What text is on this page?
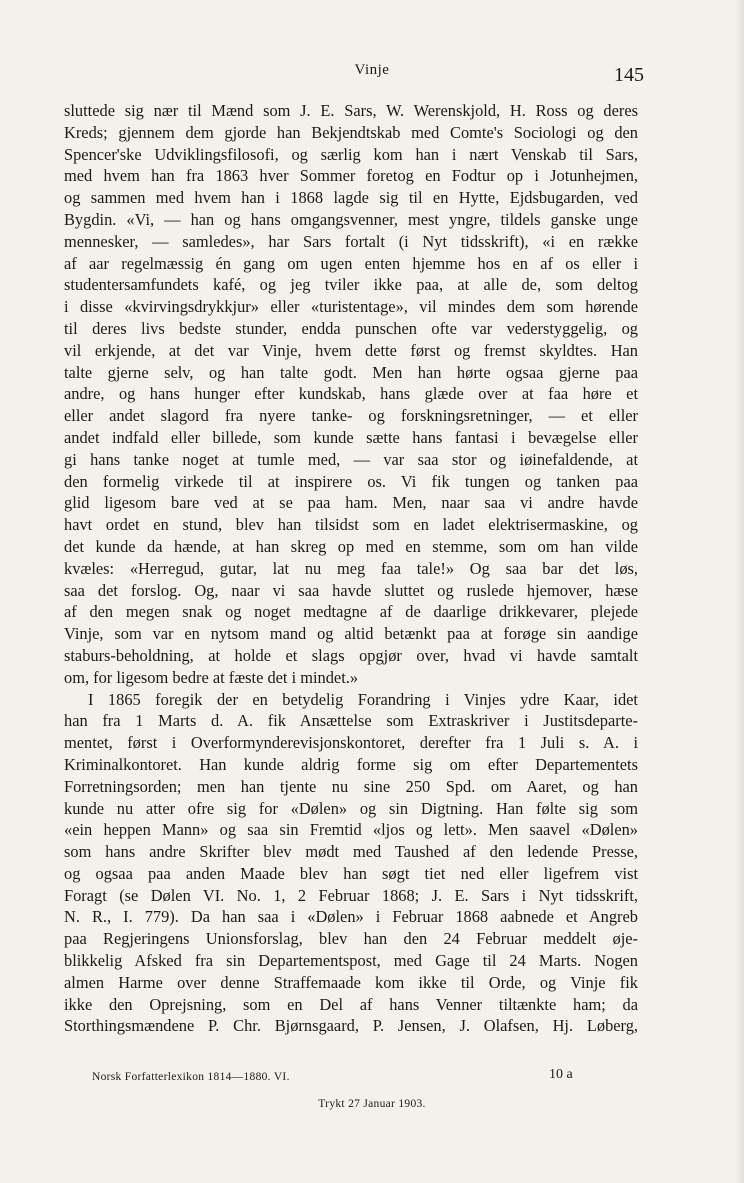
Vinje	145
sluttede sig nær til Mænd som J. E. Sars, W. Werenskjold, H. Ross og deres
Kreds; gjennem dem gjorde han Bekjendtskab med Comte's Sociologi og den
Spencer'ske Udviklingsfilosofi, og særlig kom han i nært Venskab til Sars,
med hvem han fra 1863 hver Sommer foretog en Fodtur op i Jotunhejmen,
og sammen med hvem han i 1868 lagde sig til en Hytte, Ejdsbugarden, ved
Bygdin. «Vi, — han og hans omgangsvenner, mest yngre, tildels ganske unge
mennesker, — samledes», har Sars fortalt (i Nyt tidsskrift), «i en række
af aar regelmæssig én gang om ugen enten hjemme hos en af os eller i
studentersamfundets kafé, og jeg tviler ikke paa, at alle de, som deltog
i disse «kvirvingsdrykkjur» eller «turistentage», vil mindes dem som hørende
til deres livs bedste stunder, endda punschen ofte var vederstyggelig, og
vil erkjende, at det var Vinje, hvem dette først og fremst skyldtes. Han
talte gjerne selv, og han talte godt. Men han hørte ogsaa gjerne paa
andre, og hans hunger efter kundskab, hans glæde over at faa høre et
eller andet slagord fra nyere tanke- og forskningsretninger, — et eller
andet indfald eller billede, som kunde sætte hans fantasi i bevægelse eller
gi hans tanke noget at tumle med, — var saa stor og iøinefaldende, at
den formelig virkede til at inspirere os. Vi fik tungen og tanken paa
glid ligesom bare ved at se paa ham. Men, naar saa vi andre havde
havt ordet en stund, blev han tilsidst som en ladet elektrisermaskine, og
det kunde da hænde, at han skreg op med en stemme, som om han vilde
kvæles: «Herregud, gutar, lat nu meg faa tale!» Og saa bar det løs,
saa det forslog. Og, naar vi saa havde sluttet og ruslede hjemover, hæse
af den megen snak og noget medtagne af de daarlige drikkevarer, plejede
Vinje, som var en nytsom mand og altid betænkt paa at forøge sin aandige
staburs-beholdning, at holde et slags opgjør over, hvad vi havde samtalt
om, for ligesom bedre at fæste det i mindet.»
I 1865 foregik der en betydelig Forandring i Vinjes ydre Kaar, idet
han fra 1 Marts d. A. fik Ansættelse som Extraskriver i Justitsdeparte-
mentet, først i Overformynderevisjonskontoret, derefter fra 1 Juli s. A. i
Kriminalkontoret. Han kunde aldrig forme sig om efter Departementets
Forretningsorden; men han tjente nu sine 250 Spd. om Aaret, og han
kunde nu atter ofre sig for «Dølen» og sin Digtning. Han følte sig som
«ein heppen Mann» og saa sin Fremtid «ljos og lett». Men saavel «Dølen»
som hans andre Skrifter blev mødt med Taushed af den ledende Presse,
og ogsaa paa anden Maade blev han søgt tiet ned eller ligefrem vist
Foragt (se Dølen VI. No. 1, 2 Februar 1868; J. E. Sars i Nyt tidsskrift,
N. R., I. 779). Da han saa i «Dølen» i Februar 1868 aabnede et Angreb
paa Regjeringens Unionsforslag, blev han den 24 Februar meddelt øje-
blikkelig Afsked fra sin Departementspost, med Gage til 24 Marts. Nogen
almen Harme over denne Straffemaade kom ikke til Orde, og Vinje fik
ikke den Oprejsning, som en Del af hans Venner tiltænkte ham; da
Storthingsmændene P. Chr. Bjørnsgaard, P. Jensen, J. Olafsen, Hj. Løberg,
Norsk Forfatterlexikon 1814—1880. VI.	10 a
Trykt 27 Januar 1903.
